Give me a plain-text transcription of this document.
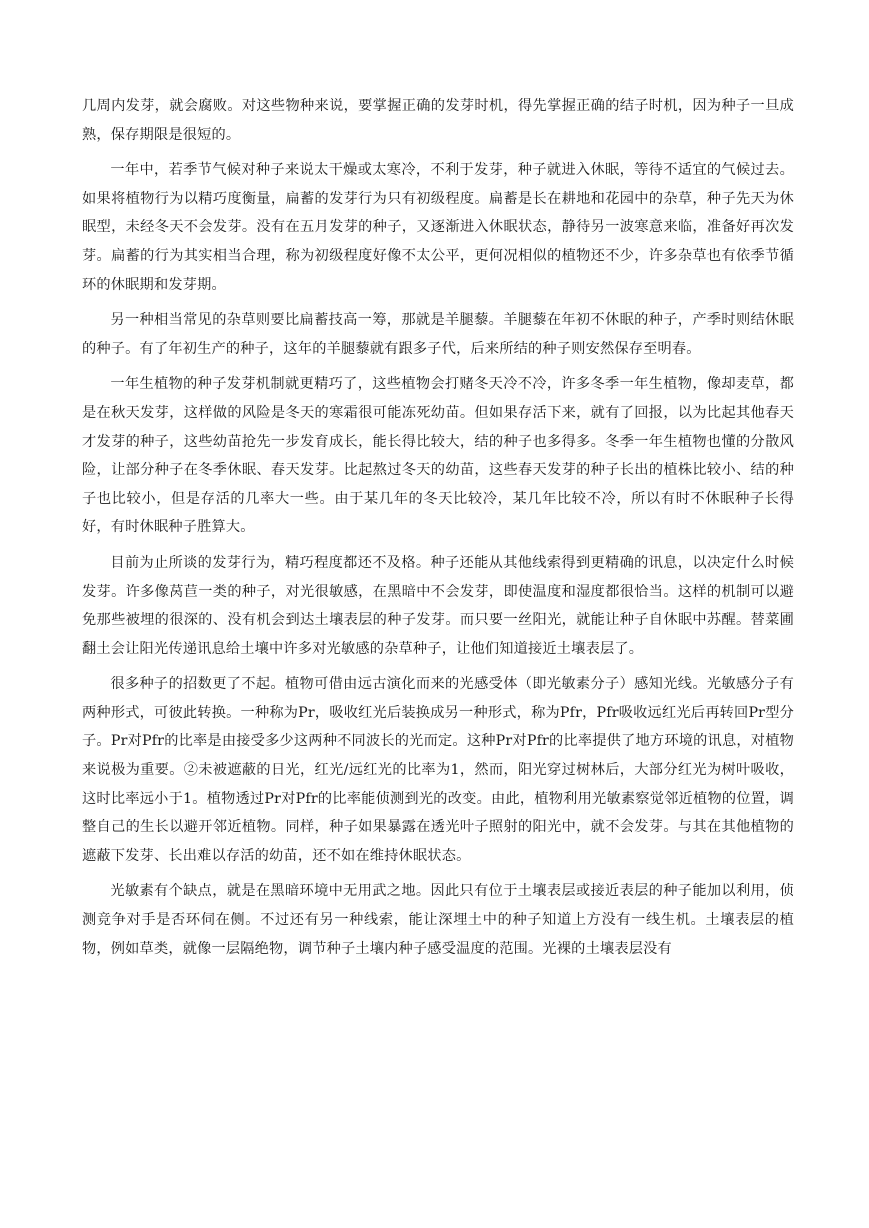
几周内发芽，就会腐败。对这些物种来说，要掌握正确的发芽时机，得先掌握正确的结子时机，因为种子一旦成熟，保存期限是很短的。

一年中，若季节气候对种子来说太干燥或太寒冷，不利于发芽，种子就进入休眠，等待不适宜的气候过去。如果将植物行为以精巧度衡量，扁蓄的发芽行为只有初级程度。扁蓄是长在耕地和花园中的杂草，种子先天为休眠型，未经冬天不会发芽。没有在五月发芽的种子，又逐渐进入休眠状态，静待另一波寒意来临，准备好再次发芽。扁蓄的行为其实相当合理，称为初级程度好像不太公平，更何况相似的植物还不少，许多杂草也有依季节循环的休眠期和发芽期。

另一种相当常见的杂草则要比扁蓄技高一筹，那就是羊腿藜。羊腿藜在年初不休眠的种子，产季时则结休眠的种子。有了年初生产的种子，这年的羊腿藜就有跟多子代，后来所结的种子则安然保存至明春。

一年生植物的种子发芽机制就更精巧了，这些植物会打赌冬天冷不冷，许多冬季一年生植物，像却麦草，都是在秋天发芽，这样做的风险是冬天的寒霜很可能冻死幼苗。但如果存活下来，就有了回报，以为比起其他春天才发芽的种子，这些幼苗抢先一步发育成长，能长得比较大，结的种子也多得多。冬季一年生植物也懂的分散风险，让部分种子在冬季休眠、春天发芽。比起熬过冬天的幼苗，这些春天发芽的种子长出的植株比较小、结的种子也比较小，但是存活的几率大一些。由于某几年的冬天比较冷，某几年比较不冷，所以有时不休眠种子长得好，有时休眠种子胜算大。

目前为止所谈的发芽行为，精巧程度都还不及格。种子还能从其他线索得到更精确的讯息，以决定什么时候发芽。许多像莴苣一类的种子，对光很敏感，在黑暗中不会发芽，即使温度和湿度都很恰当。这样的机制可以避免那些被埋的很深的、没有机会到达土壤表层的种子发芽。而只要一丝阳光，就能让种子自休眠中苏醒。替菜圃翻土会让阳光传递讯息给土壤中许多对光敏感的杂草种子，让他们知道接近土壤表层了。

很多种子的招数更了不起。植物可借由远古演化而来的光感受体（即光敏素分子）感知光线。光敏感分子有两种形式，可彼此转换。一种称为Pr，吸收红光后装换成另一种形式，称为Pfr，Pfr吸收远红光后再转回Pr型分子。Pr对Pfr的比率是由接受多少这两种不同波长的光而定。这种Pr对Pfr的比率提供了地方环境的讯息，对植物来说极为重要。②未被遮蔽的日光，红光/远红光的比率为1，然而，阳光穿过树林后，大部分红光为树叶吸收，这时比率远小于1。植物透过Pr对Pfr的比率能侦测到光的改变。由此，植物利用光敏素察觉邻近植物的位置，调整自己的生长以避开邻近植物。同样，种子如果暴露在透光叶子照射的阳光中，就不会发芽。与其在其他植物的遮蔽下发芽、长出难以存活的幼苗，还不如在维持休眠状态。

光敏素有个缺点，就是在黑暗环境中无用武之地。因此只有位于土壤表层或接近表层的种子能加以利用，侦测竞争对手是否环伺在侧。不过还有另一种线索，能让深埋土中的种子知道上方没有一线生机。土壤表层的植物，例如草类，就像一层隔绝物，调节种子土壤内种子感受温度的范围。光裸的土壤表层没有
